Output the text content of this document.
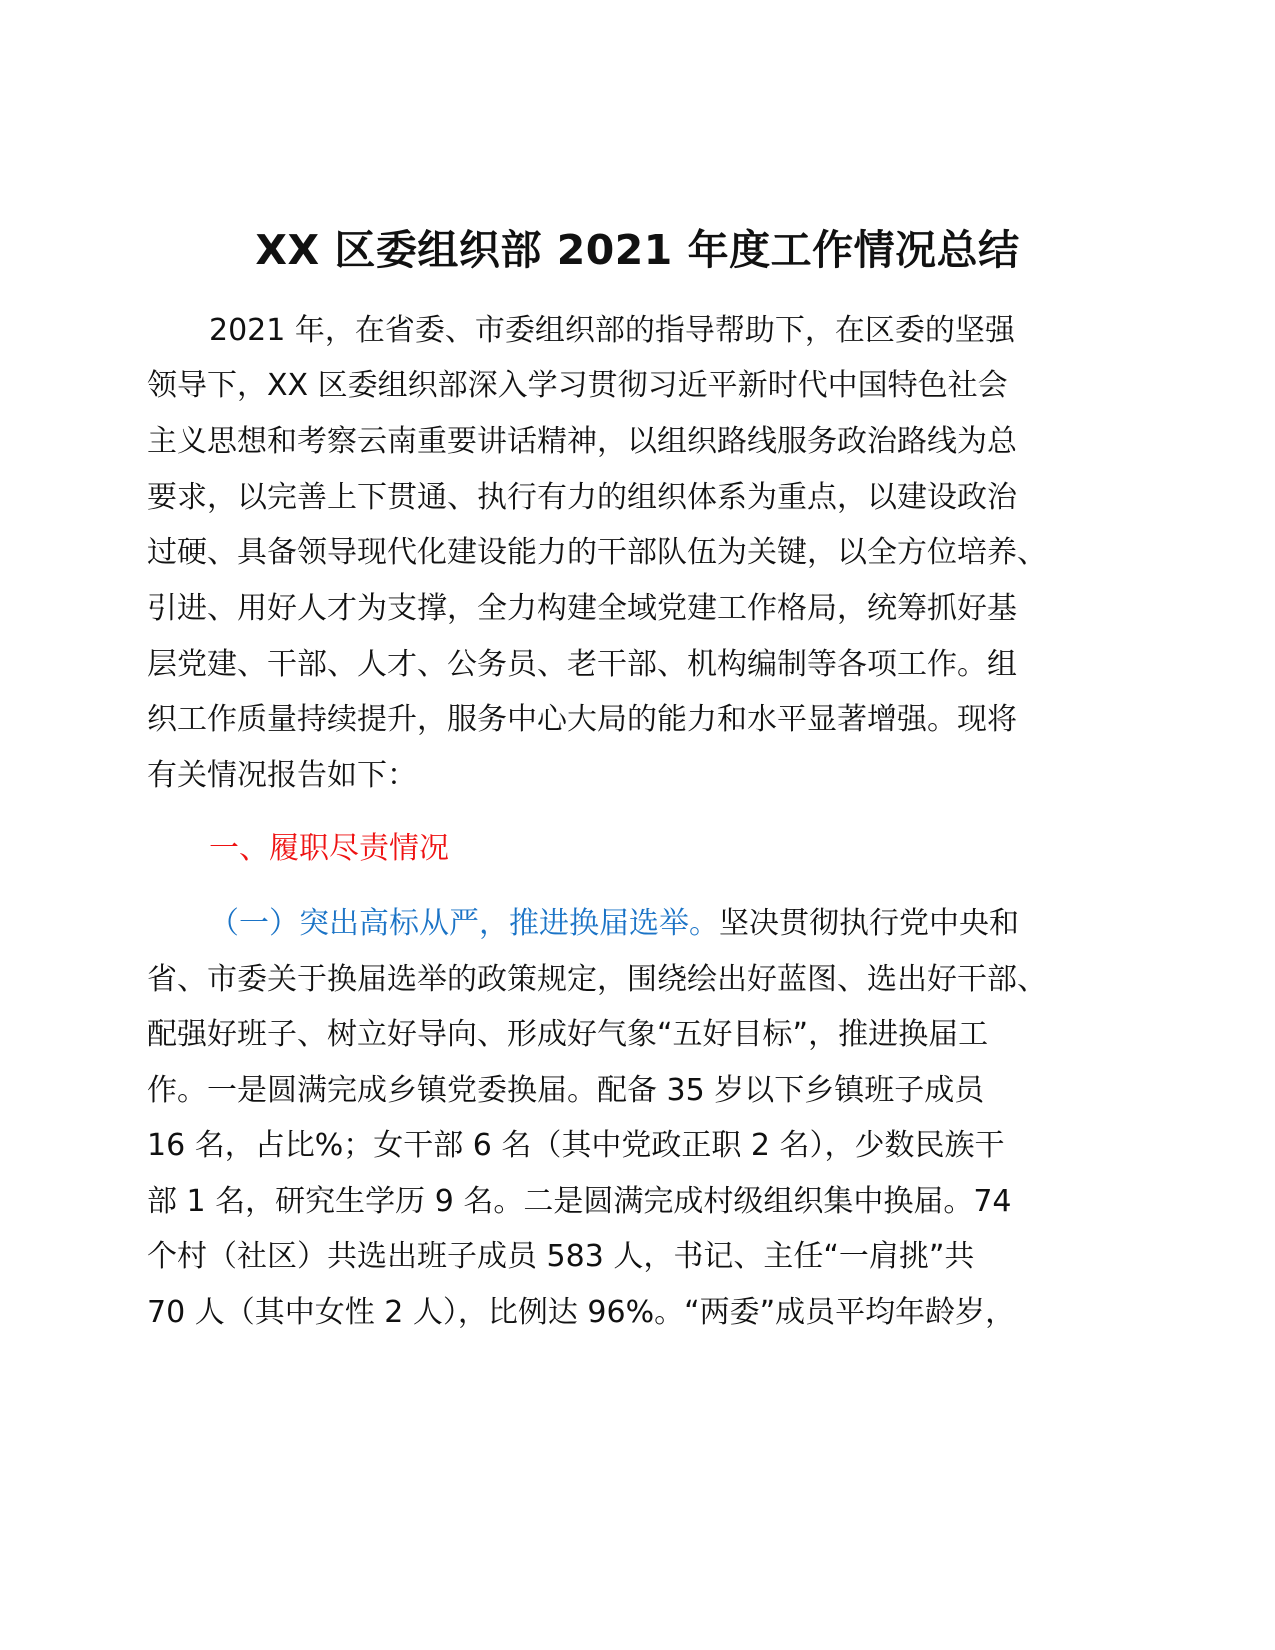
XX 区委组织部 2021 年度工作情况总结
2021 年，在省委、市委组织部的指导帮助下，在区委的坚强
领导下，XX 区委组织部深入学习贯彻习近平新时代中国特色社会
主义思想和考察云南重要讲话精神，以组织路线服务政治路线为总
要求，以完善上下贯通、执行有力的组织体系为重点，以建设政治
过硬、具备领导现代化建设能力的干部队伍为关键，以全方位培养、
引进、用好人才为支撑，全力构建全域党建工作格局，统筹抓好基
层党建、干部、人才、公务员、老干部、机构编制等各项工作。组
织工作质量持续提升，服务中心大局的能力和水平显著增强。现将
有关情况报告如下：
一、履职尽责情况
（一）突出高标从严，推进换届选举。坚决贯彻执行党中央和
省、市委关于换届选举的政策规定，围绕绘出好蓝图、选出好干部、
配强好班子、树立好导向、形成好气象“五好目标”，推进换届工
作。一是圆满完成乡镇党委换届。配备 35 岁以下乡镇班子成员
16 名，占比%；女干部 6 名（其中党政正职 2 名），少数民族干
部 1 名，研究生学历 9 名。二是圆满完成村级组织集中换届。74
个村（社区）共选出班子成员 583 人，书记、主任“一肩挑”共
70 人（其中女性 2 人），比例达 96%。“两委”成员平均年龄岁，
